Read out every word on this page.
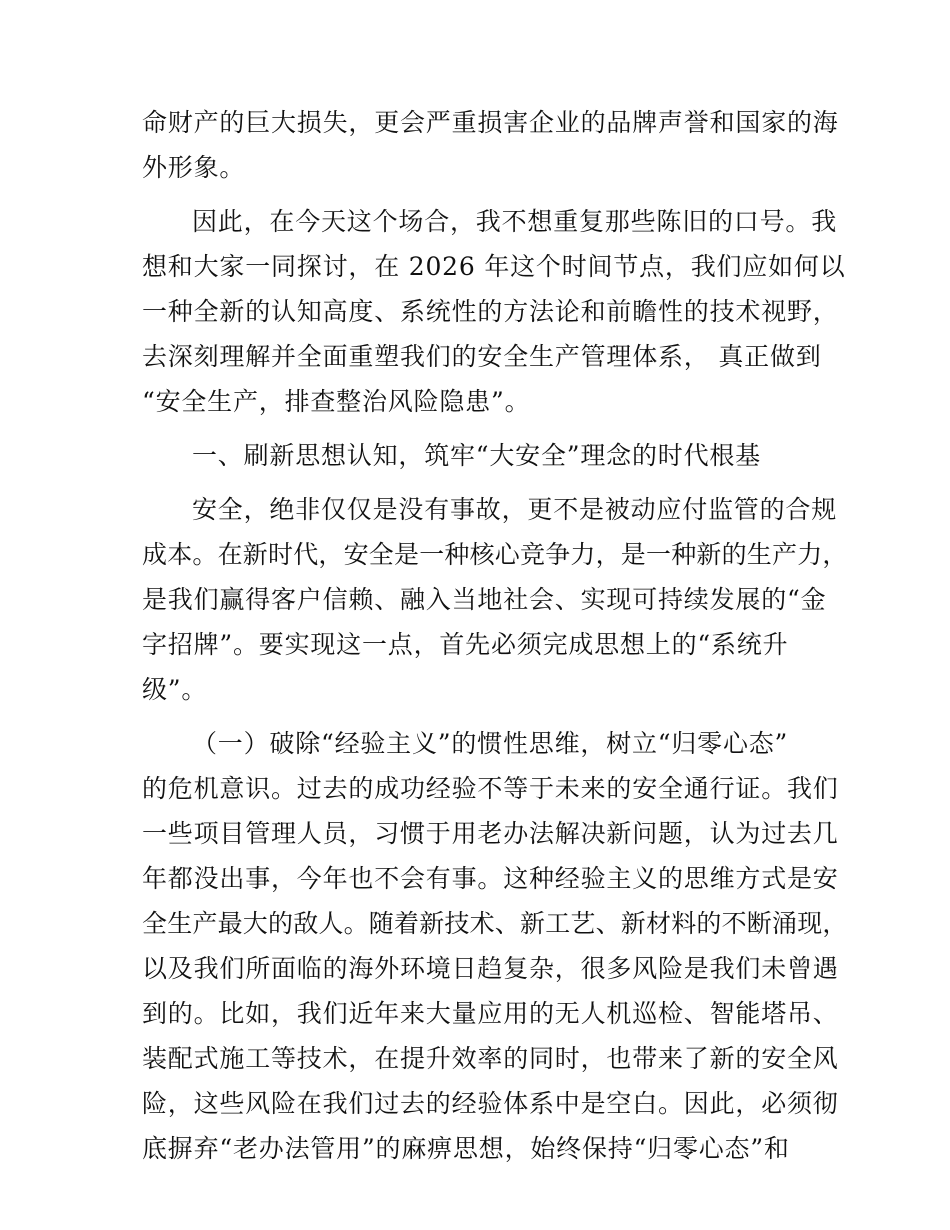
命财产的巨大损失，更会严重损害企业的品牌声誉和国家的海
外形象。
因此，在今天这个场合，我不想重复那些陈旧的口号。我
想和大家一同探讨，在 2026 年这个时间节点，我们应如何以
一种全新的认知高度、系统性的方法论和前瞻性的技术视野，
去深刻理解并全面重塑我们的安全生产管理体系， 真正做到
“安全生产，排查整治风险隐患”。
一、刷新思想认知，筑牢“大安全”理念的时代根基
安全，绝非仅仅是没有事故，更不是被动应付监管的合规
成本。在新时代，安全是一种核心竞争力，是一种新的生产力，
是我们赢得客户信赖、融入当地社会、实现可持续发展的“金
字招牌”。要实现这一点，首先必须完成思想上的“系统升
级”。
（一）破除“经验主义”的惯性思维，树立“归零心态”
的危机意识。过去的成功经验不等于未来的安全通行证。我们
一些项目管理人员，习惯于用老办法解决新问题，认为过去几
年都没出事，今年也不会有事。这种经验主义的思维方式是安
全生产最大的敌人。随着新技术、新工艺、新材料的不断涌现，
以及我们所面临的海外环境日趋复杂，很多风险是我们未曾遇
到的。比如，我们近年来大量应用的无人机巡检、智能塔吊、
装配式施工等技术，在提升效率的同时，也带来了新的安全风
险，这些风险在我们过去的经验体系中是空白。因此，必须彻
底摒弃“老办法管用”的麻痹思想，始终保持“归零心态”和
